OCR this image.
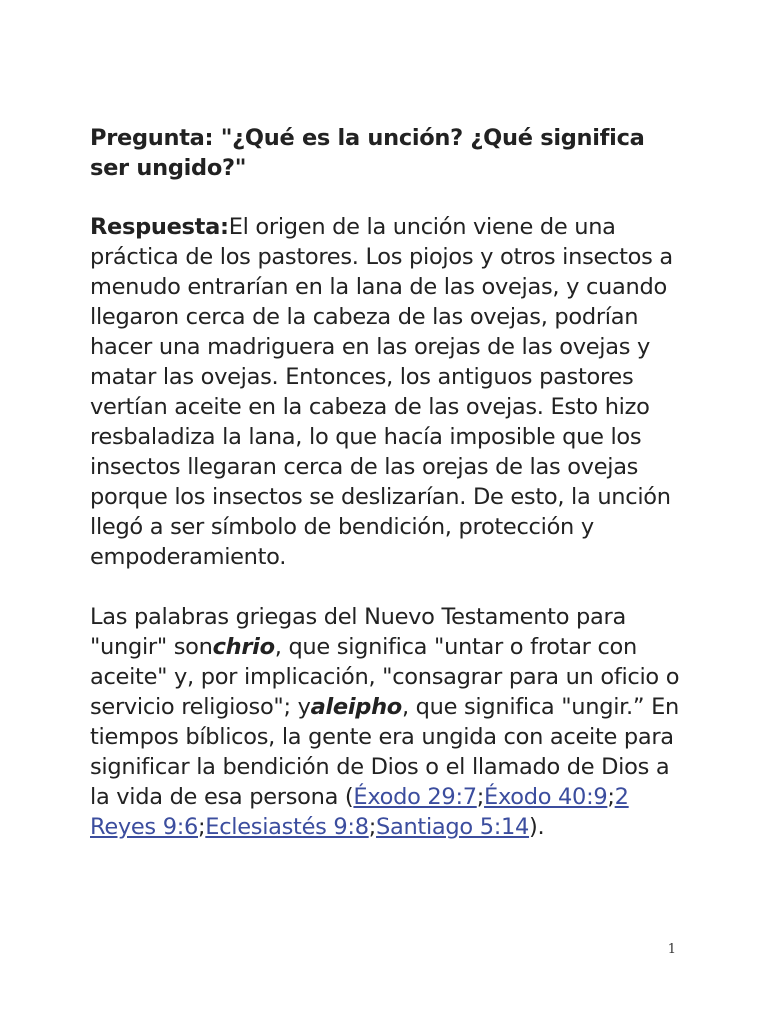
Pregunta: "¿Qué es la unción? ¿Qué significa ser ungido?"

Respuesta:El origen de la unción viene de una práctica de los pastores. Los piojos y otros insectos a menudo entrarían en la lana de las ovejas, y cuando llegaron cerca de la cabeza de las ovejas, podrían hacer una madriguera en las orejas de las ovejas y matar las ovejas. Entonces, los antiguos pastores vertían aceite en la cabeza de las ovejas. Esto hizo resbaladiza la lana, lo que hacía imposible que los insectos llegaran cerca de las orejas de las ovejas porque los insectos se deslizarían. De esto, la unción llegó a ser símbolo de bendición, protección y empoderamiento.

Las palabras griegas del Nuevo Testamento para "ungir" sonchrio, que significa "untar o frotar con aceite" y, por implicación, "consagrar para un oficio o servicio religioso"; yaleipho, que significa "ungir.” En tiempos bíblicos, la gente era ungida con aceite para significar la bendición de Dios o el llamado de Dios a la vida de esa persona (Éxodo 29:7;Éxodo 40:9;2 Reyes 9:6;Eclesiastés 9:8;Santiago 5:14).

1
